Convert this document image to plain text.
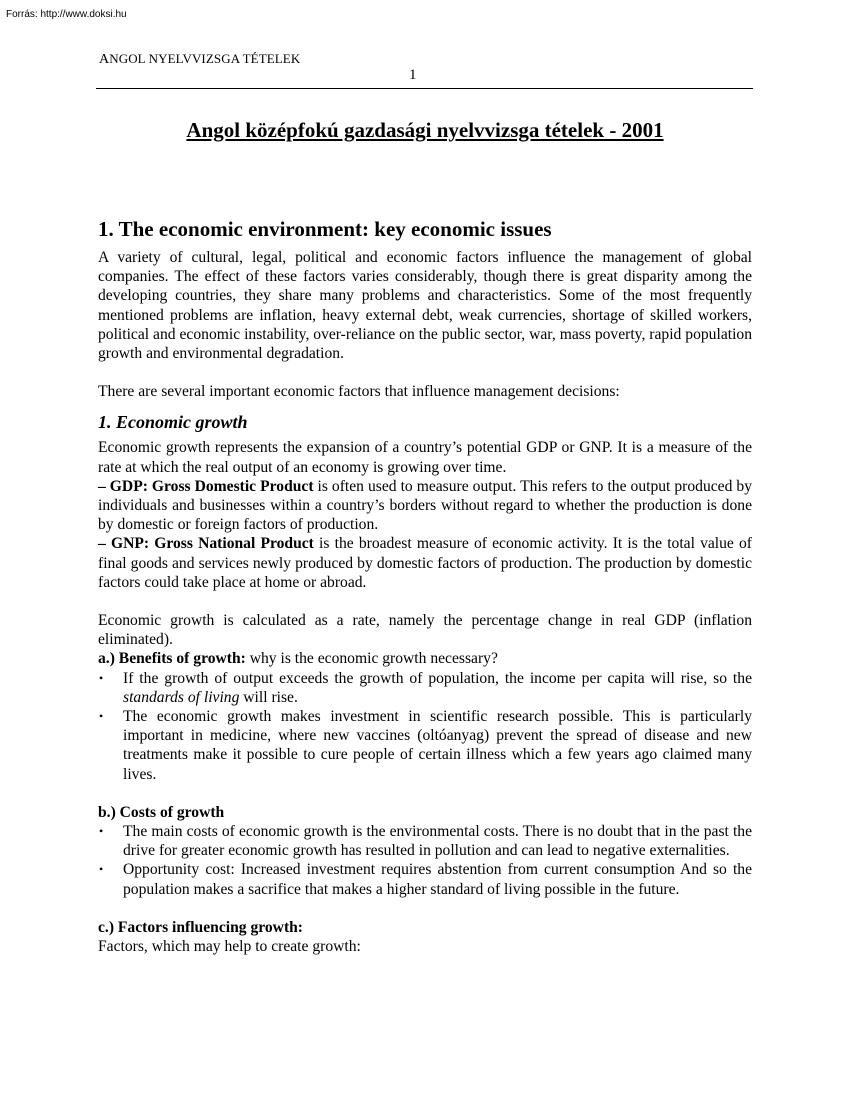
Forrás: http://www.doksi.hu
ANGOL NYELVVIZSGA TÉTELEK
1
Angol középfokú gazdasági nyelvvizsga tételek - 2001
1. The economic environment: key economic issues

A variety of cultural, legal, political and economic factors influence the management of global companies. The effect of these factors varies considerably, though there is great disparity among the developing countries, they share many problems and characteristics. Some of the most frequently mentioned problems are inflation, heavy external debt, weak currencies, shortage of skilled workers, political and economic instability, over-reliance on the public sector, war, mass poverty, rapid population growth and environmental degradation.

There are several important economic factors that influence management decisions:

1. Economic growth

Economic growth represents the expansion of a country’s potential GDP or GNP. It is a measure of the rate at which the real output of an economy is growing over time.

– GDP: Gross Domestic Product is often used to measure output. This refers to the output produced by individuals and businesses within a country’s borders without regard to whether the production is done by domestic or foreign factors of production.

– GNP: Gross National Product is the broadest measure of economic activity. It is the total value of final goods and services newly produced by domestic factors of production. The production by domestic factors could take place at home or abroad.

Economic growth is calculated as a rate, namely the percentage change in real GDP (inflation eliminated).

a.) Benefits of growth: why is the economic growth necessary?

• If the growth of output exceeds the growth of population, the income per capita will rise, so the standards of living will rise.
• The economic growth makes investment in scientific research possible. This is particularly important in medicine, where new vaccines (oltóanyag) prevent the spread of disease and new treatments make it possible to cure people of certain illness which a few years ago claimed many lives.

b.) Costs of growth

• The main costs of economic growth is the environmental costs. There is no doubt that in the past the drive for greater economic growth has resulted in pollution and can lead to negative externalities.
• Opportunity cost: Increased investment requires abstention from current consumption And so the population makes a sacrifice that makes a higher standard of living possible in the future.

c.) Factors influencing growth:

Factors, which may help to create growth:
